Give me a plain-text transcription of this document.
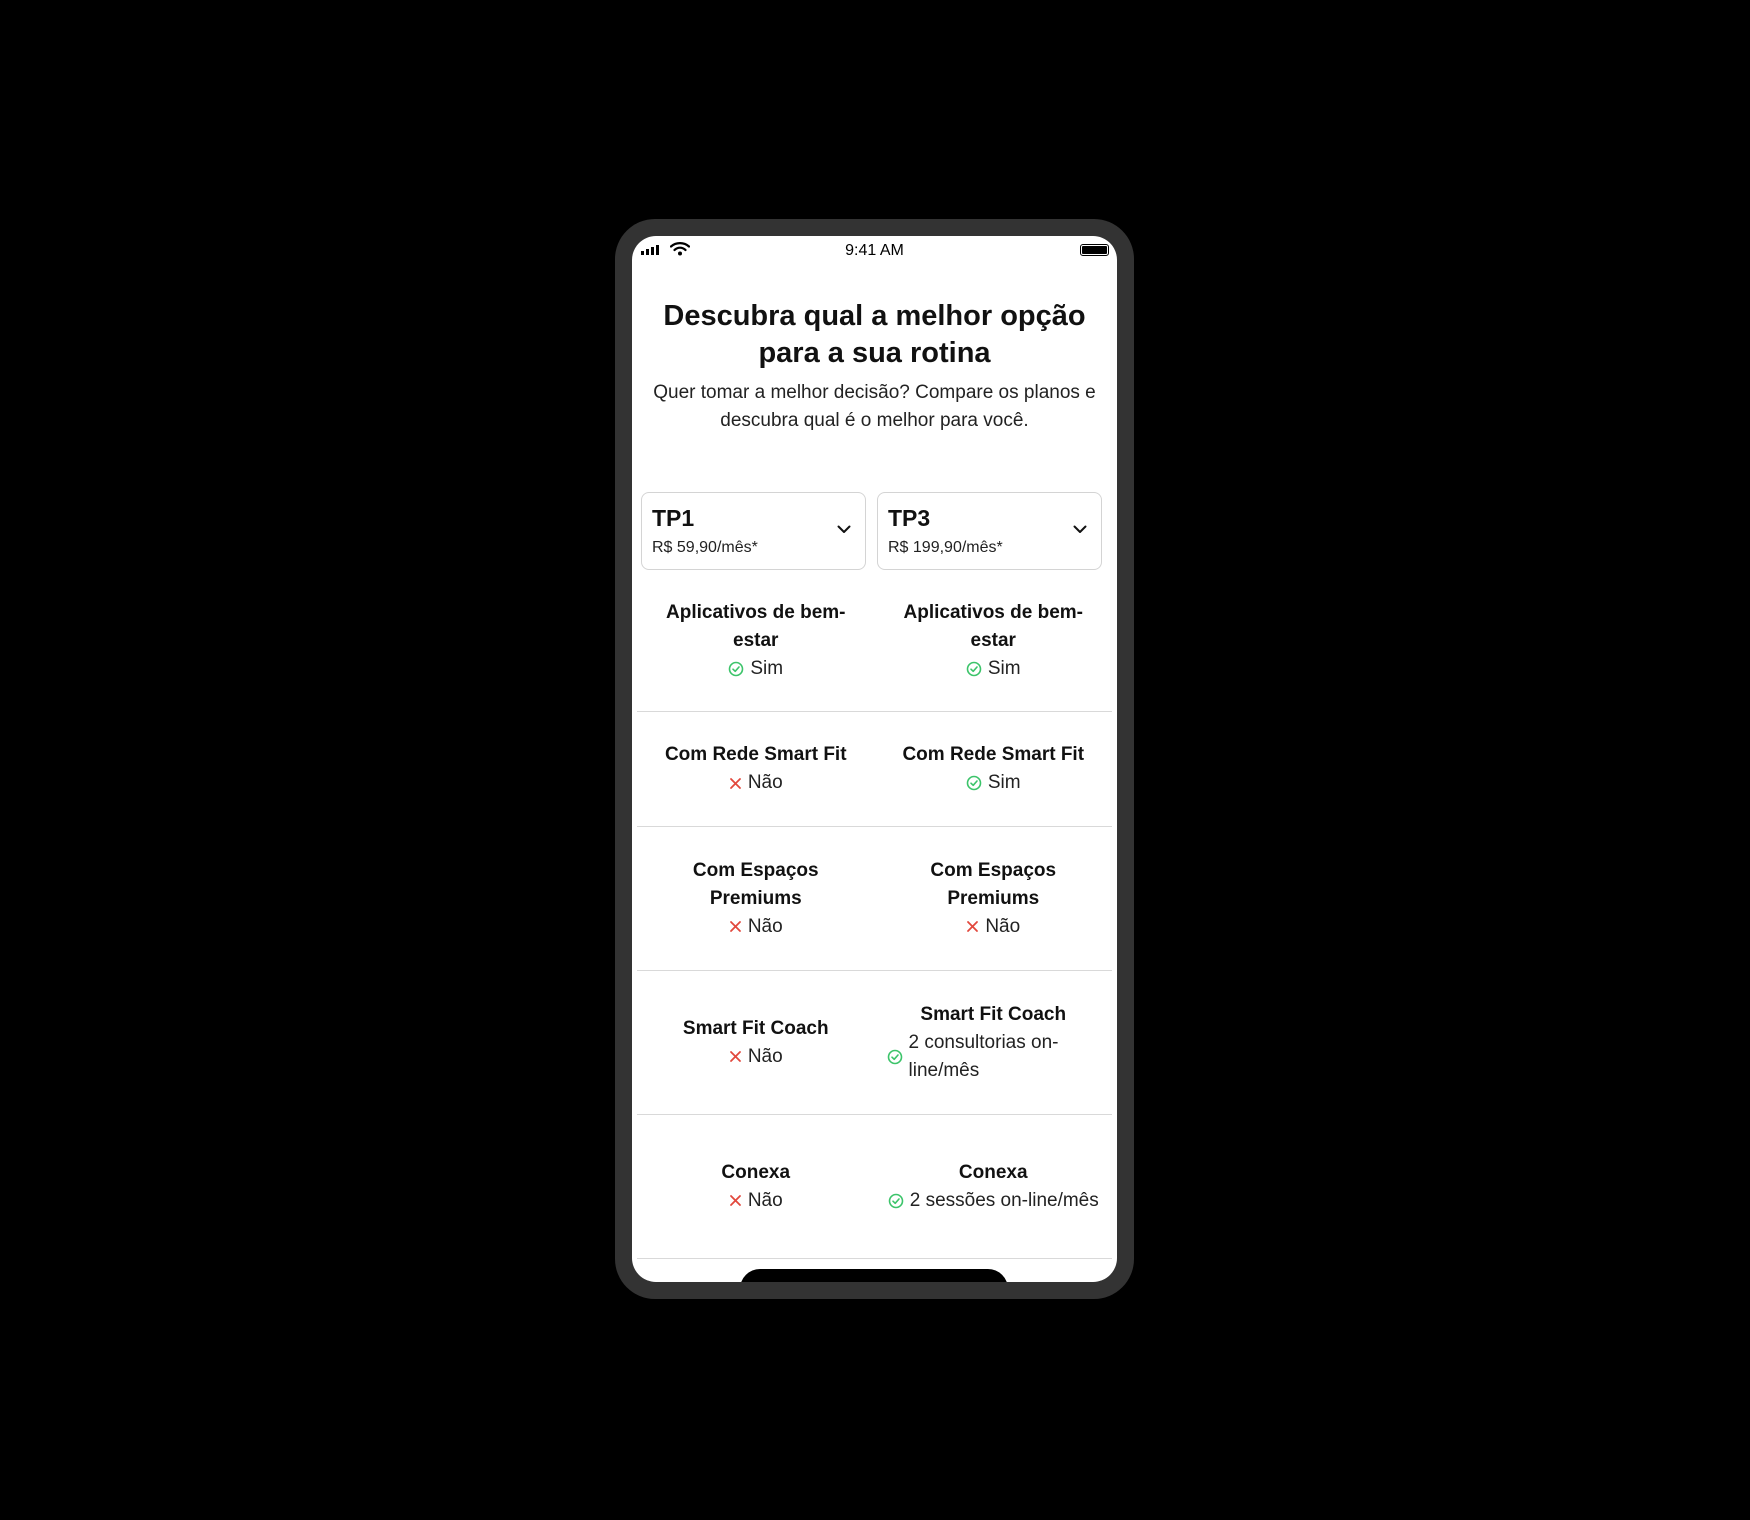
9:41 AM
Descubra qual a melhor opção para a sua rotina

Quer tomar a melhor decisão? Compare os planos e descubra qual é o melhor para você.

TP1
R$ 59,90/mês*
TP3
R$ 199,90/mês*
Aplicativos de bem-estar
Sim
Aplicativos de bem-estar
Sim
Com Rede Smart Fit
Não
Com Rede Smart Fit
Sim
Com Espaços Premiums
Não
Com Espaços Premiums
Não
Smart Fit Coach
Não
Smart Fit Coach
2 consultorias on-line/mês
Conexa
Não
Conexa
2 sessões on-line/mês
